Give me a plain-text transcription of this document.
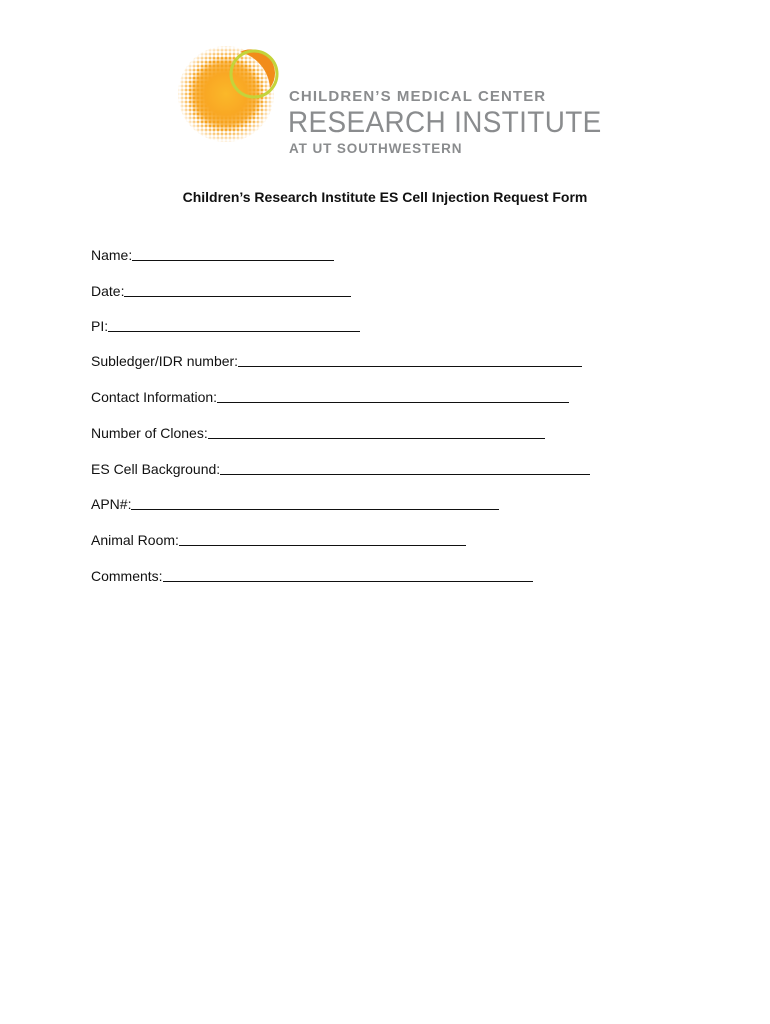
CHILDREN’S MEDICAL CENTER
RESEARCH INSTITUTE
AT UT SOUTHWESTERN
Children’s Research Institute ES Cell Injection Request Form
Name:
Date:
PI:
Subledger/IDR number:
Contact Information:
Number of Clones:
ES Cell Background:
APN#:
Animal Room:
Comments:
